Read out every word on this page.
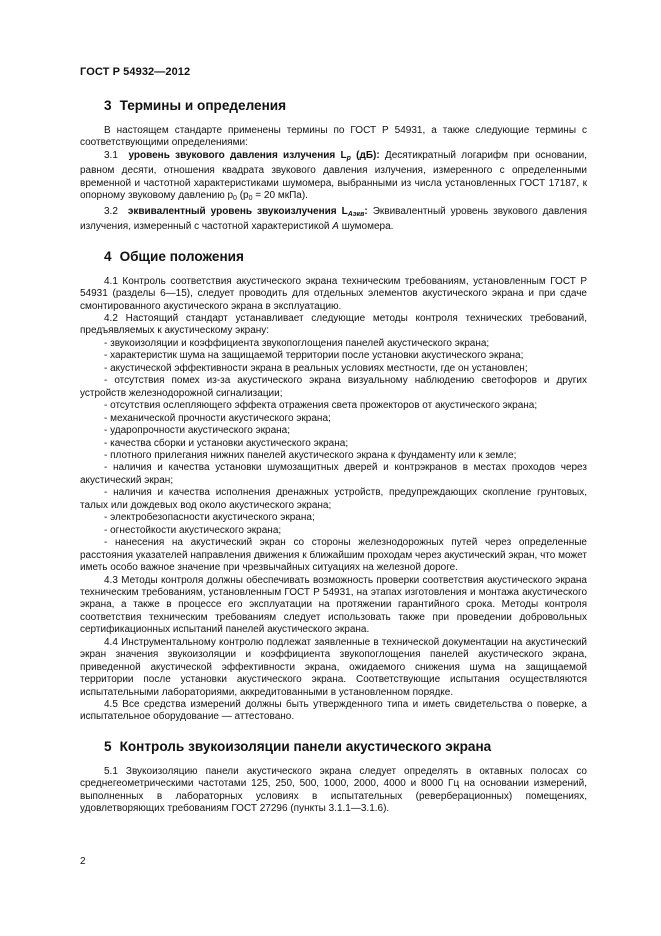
ГОСТ Р 54932—2012
3 Термины и определения

В настоящем стандарте применены термины по ГОСТ Р 54931, а также следующие термины с соответствующими определениями:

3.1 уровень звукового давления излучения $L_p$ (дБ): Десятикратный логарифм при основании, равном десяти, отношения квадрата звукового давления излучения, измеренного с определенными временной и частотной характеристиками шумомера, выбранными из числа установленных ГОСТ 17187, к опорному звуковому давлению $p_0$ ($p_0 = 20$ мкПа).

3.2 эквивалентный уровень звукоизлучения $L_{Аэкв}$: Эквивалентный уровень звукового давления излучения, измеренный с частотной характеристикой А шумомера.

4 Общие положения

4.1 Контроль соответствия акустического экрана техническим требованиям, установленным ГОСТ Р 54931 (разделы 6—15), следует проводить для отдельных элементов акустического экрана и при сдаче смонтированного акустического экрана в эксплуатацию.

4.2 Настоящий стандарт устанавливает следующие методы контроля технических требований, предъявляемых к акустическому экрану:

- звукоизоляции и коэффициента звукопоглощения панелей акустического экрана;

- характеристик шума на защищаемой территории после установки акустического экрана;

- акустической эффективности экрана в реальных условиях местности, где он установлен;

- отсутствия помех из-за акустического экрана визуальному наблюдению светофоров и других устройств железнодорожной сигнализации;

- отсутствия ослепляющего эффекта отражения света прожекторов от акустического экрана;

- механической прочности акустического экрана;

- ударопрочности акустического экрана;

- качества сборки и установки акустического экрана;

- плотного прилегания нижних панелей акустического экрана к фундаменту или к земле;

- наличия и качества установки шумозащитных дверей и контрэкранов в местах проходов через акустический экран;

- наличия и качества исполнения дренажных устройств, предупреждающих скопление грунтовых, талых или дождевых вод около акустического экрана;

- электробезопасности акустического экрана;

- огнестойкости акустического экрана;

- нанесения на акустический экран со стороны железнодорожных путей через определенные расстояния указателей направления движения к ближайшим проходам через акустический экран, что может иметь особо важное значение при чрезвычайных ситуациях на железной дороге.

4.3 Методы контроля должны обеспечивать возможность проверки соответствия акустического экрана техническим требованиям, установленным ГОСТ Р 54931, на этапах изготовления и монтажа акустического экрана, а также в процессе его эксплуатации на протяжении гарантийного срока. Методы контроля соответствия техническим требованиям следует использовать также при проведении добровольных сертификационных испытаний панелей акустического экрана.

4.4 Инструментальному контролю подлежат заявленные в технической документации на акустический экран значения звукоизоляции и коэффициента звукопоглощения панелей акустического экрана, приведенной акустической эффективности экрана, ожидаемого снижения шума на защищаемой территории после установки акустического экрана. Соответствующие испытания осуществляются испытательными лабораториями, аккредитованными в установленном порядке.

4.5 Все средства измерений должны быть утвержденного типа и иметь свидетельства о поверке, а испытательное оборудование — аттестовано.

5 Контроль звукоизоляции панели акустического экрана

5.1 Звукоизоляцию панели акустического экрана следует определять в октавных полосах со среднегеометрическими частотами 125, 250, 500, 1000, 2000, 4000 и 8000 Гц на основании измерений, выполненных в лабораторных условиях в испытательных (реверберационных) помещениях, удовлетворяющих требованиям ГОСТ 27296 (пункты 3.1.1—3.1.6).

2
